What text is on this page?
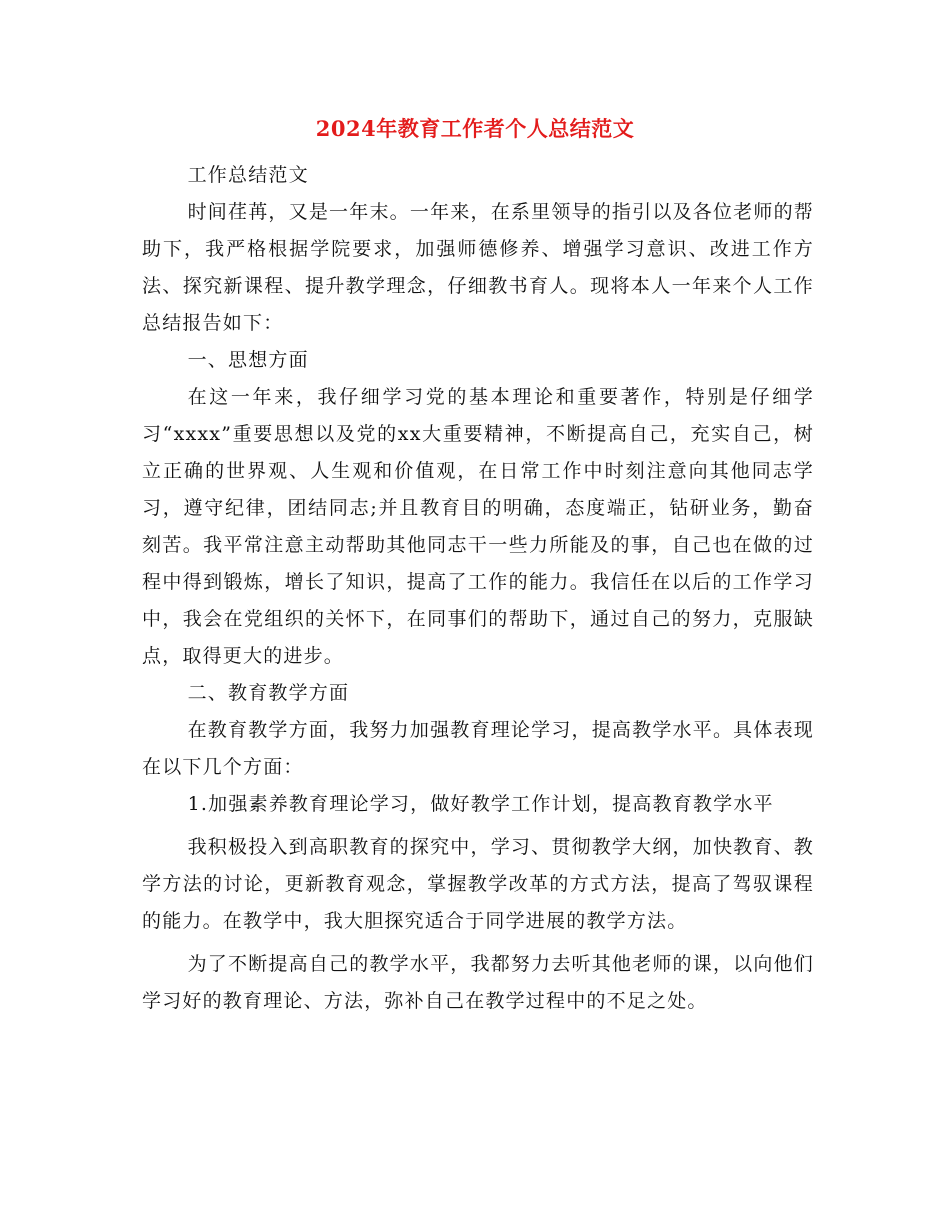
2024年教育工作者个人总结范文

工作总结范文

时间荏苒，又是一年末。一年来，在系里领导的指引以及各位老师的帮助下，我严格根据学院要求，加强师德修养、增强学习意识、改进工作方法、探究新课程、提升教学理念，仔细教书育人。现将本人一年来个人工作总结报告如下：

一、思想方面

在这一年来，我仔细学习党的基本理论和重要著作，特别是仔细学习“xxxx”重要思想以及党的xx大重要精神，不断提高自己，充实自己，树立正确的世界观、人生观和价值观，在日常工作中时刻注意向其他同志学习，遵守纪律，团结同志;并且教育目的明确，态度端正，钻研业务，勤奋刻苦。我平常注意主动帮助其他同志干一些力所能及的事，自己也在做的过程中得到锻炼，增长了知识，提高了工作的能力。我信任在以后的工作学习中，我会在党组织的关怀下，在同事们的帮助下，通过自己的努力，克服缺点，取得更大的进步。

二、教育教学方面

在教育教学方面，我努力加强教育理论学习，提高教学水平。具体表现在以下几个方面：

1.加强素养教育理论学习，做好教学工作计划，提高教育教学水平

我积极投入到高职教育的探究中，学习、贯彻教学大纲，加快教育、教学方法的讨论，更新教育观念，掌握教学改革的方式方法，提高了驾驭课程的能力。在教学中，我大胆探究适合于同学进展的教学方法。

为了不断提高自己的教学水平，我都努力去听其他老师的课，以向他们学习好的教育理论、方法，弥补自己在教学过程中的不足之处。
